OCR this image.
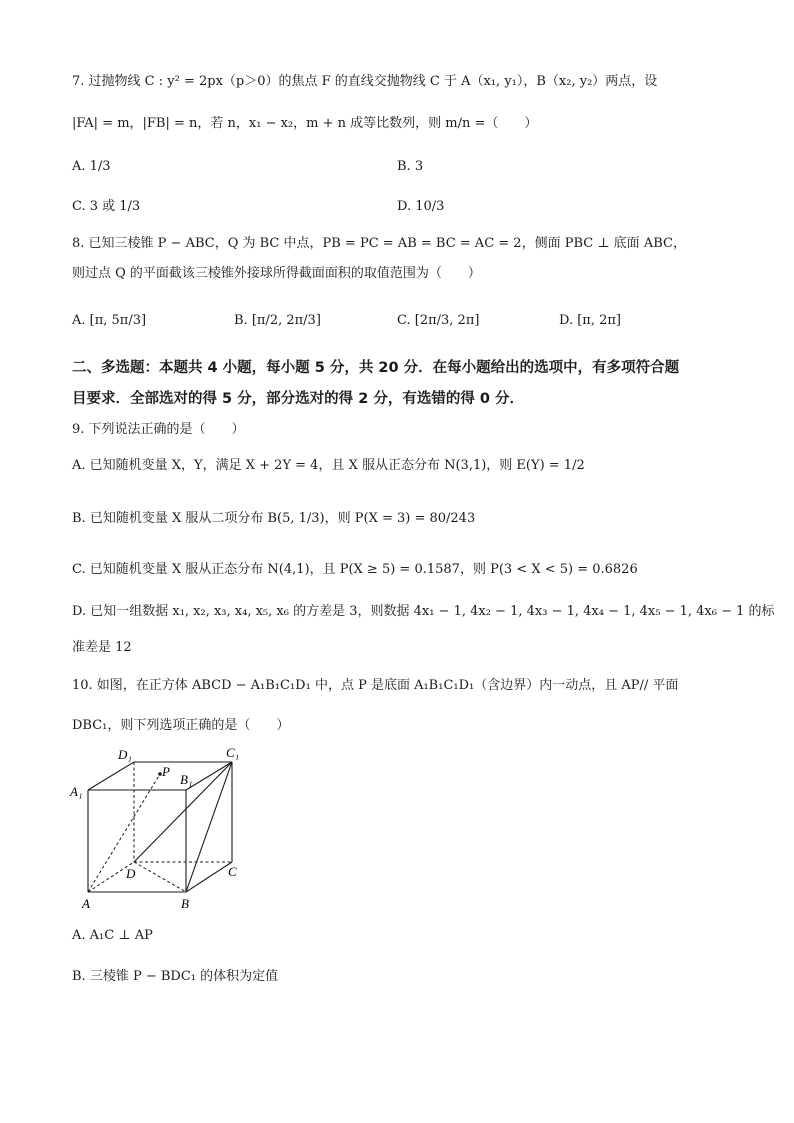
7. 过抛物线 C : y² = 2px（p＞0）的焦点 F 的直线交抛物线 C 于 A（x₁, y₁），B（x₂, y₂）两点，设
|FA| = m，|FB| = n，若 n，x₁ − x₂，m + n 成等比数列，则 m/n =（　　）
A. 1/3	B. 3
C. 3 或 1/3	D. 10/3
8. 已知三棱锥 P − ABC，Q 为 BC 中点，PB = PC = AB = BC = AC = 2，侧面 PBC ⊥ 底面 ABC，
则过点 Q 的平面截该三棱锥外接球所得截面面积的取值范围为（　　）
A. [π, 5π/3]	B. [π/2, 2π/3]	C. [2π/3, 2π]	D. [π, 2π]
二、多选题：本题共 4 小题，每小题 5 分，共 20 分．在每小题给出的选项中，有多项符合题
目要求．全部选对的得 5 分，部分选对的得 2 分，有选错的得 0 分．
9. 下列说法正确的是（　　）
A. 已知随机变量 X，Y，满足 X + 2Y = 4，且 X 服从正态分布 N(3,1)，则 E(Y) = 1/2
B. 已知随机变量 X 服从二项分布 B(5, 1/3)，则 P(X = 3) = 80/243
C. 已知随机变量 X 服从正态分布 N(4,1)，且 P(X ≥ 5) = 0.1587，则 P(3 < X < 5) = 0.6826
D. 已知一组数据 x₁, x₂, x₃, x₄, x₅, x₆ 的方差是 3，则数据 4x₁ − 1, 4x₂ − 1, 4x₃ − 1, 4x₄ − 1, 4x₅ − 1, 4x₆ − 1 的标
准差是 12
10. 如图，在正方体 ABCD − A₁B₁C₁D₁ 中，点 P 是底面 A₁B₁C₁D₁（含边界）内一动点，且 AP// 平面
DBC₁，则下列选项正确的是（　　）
D₁	C₁
A₁
B₁
P
D	C
A	B
A. A₁C ⊥ AP
B. 三棱锥 P − BDC₁ 的体积为定值
